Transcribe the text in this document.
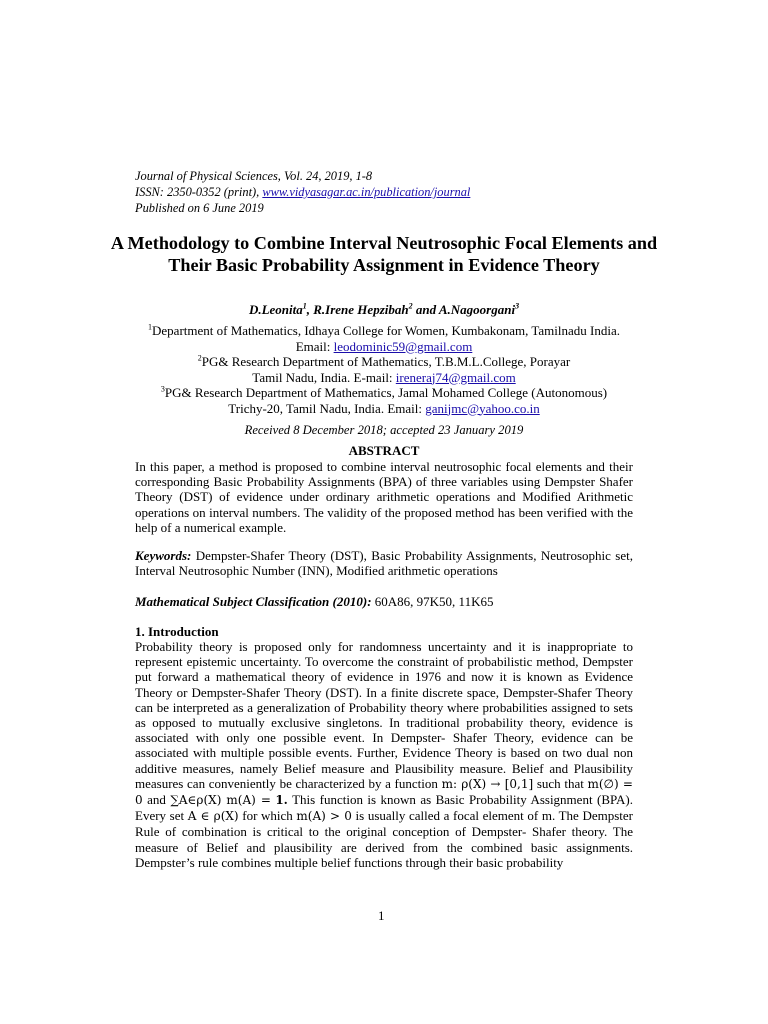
Journal of Physical Sciences, Vol. 24, 2019, 1-8
ISSN: 2350-0352 (print), www.vidyasagar.ac.in/publication/journal
Published on 6 June 2019
A Methodology to Combine Interval Neutrosophic Focal Elements and Their Basic Probability Assignment in Evidence Theory
D.Leonita$^1$, R.Irene Hepzibah$^2$ and A.Nagoorgani$^3$
$^1$Department of Mathematics, Idhaya College for Women, Kumbakonam, Tamilnadu India.
Email: leodominic59@gmail.com
$^2$PG& Research Department of Mathematics, T.B.M.L.College, Porayar
Tamil Nadu, India. E-mail: ireneraj74@gmail.com
$^3$PG& Research Department of Mathematics, Jamal Mohamed College (Autonomous)
Trichy-20, Tamil Nadu, India. Email: ganijmc@yahoo.co.in
Received 8 December 2018; accepted 23 January 2019
ABSTRACT
In this paper, a method is proposed to combine interval neutrosophic focal elements and their corresponding Basic Probability Assignments (BPA) of three variables using Dempster Shafer Theory (DST) of evidence under ordinary arithmetic operations and Modified Arithmetic operations on interval numbers. The validity of the proposed method has been verified with the help of a numerical example.
Keywords: Dempster-Shafer Theory (DST), Basic Probability Assignments, Neutrosophic set, Interval Neutrosophic Number (INN), Modified arithmetic operations
Mathematical Subject Classification (2010): 60A86, 97K50, 11K65
1. Introduction
Probability theory is proposed only for randomness uncertainty and it is inappropriate to represent epistemic uncertainty. To overcome the constraint of probabilistic method, Dempster put forward a mathematical theory of evidence in 1976 and now it is known as Evidence Theory or Dempster-Shafer Theory (DST). In a finite discrete space, Dempster-Shafer Theory can be interpreted as a generalization of Probability theory where probabilities assigned to sets as opposed to mutually exclusive singletons. In traditional probability theory, evidence is associated with only one possible event. In Dempster- Shafer Theory, evidence can be associated with multiple possible events. Further, Evidence Theory is based on two dual non additive measures, namely Belief measure and Plausibility measure. Belief and Plausibility measures can conveniently be characterized by a function m: ρ(X) → [0,1] such that m(∅) = 0 and ∑A∈ρ(X) m(A) = 1. This function is known as Basic Probability Assignment (BPA). Every set A ∈ ρ(X) for which m(A) > 0 is usually called a focal element of m. The Dempster Rule of combination is critical to the original conception of Dempster- Shafer theory. The measure of Belief and plausibility are derived from the combined basic assignments. Dempster’s rule combines multiple belief functions through their basic probability
1
